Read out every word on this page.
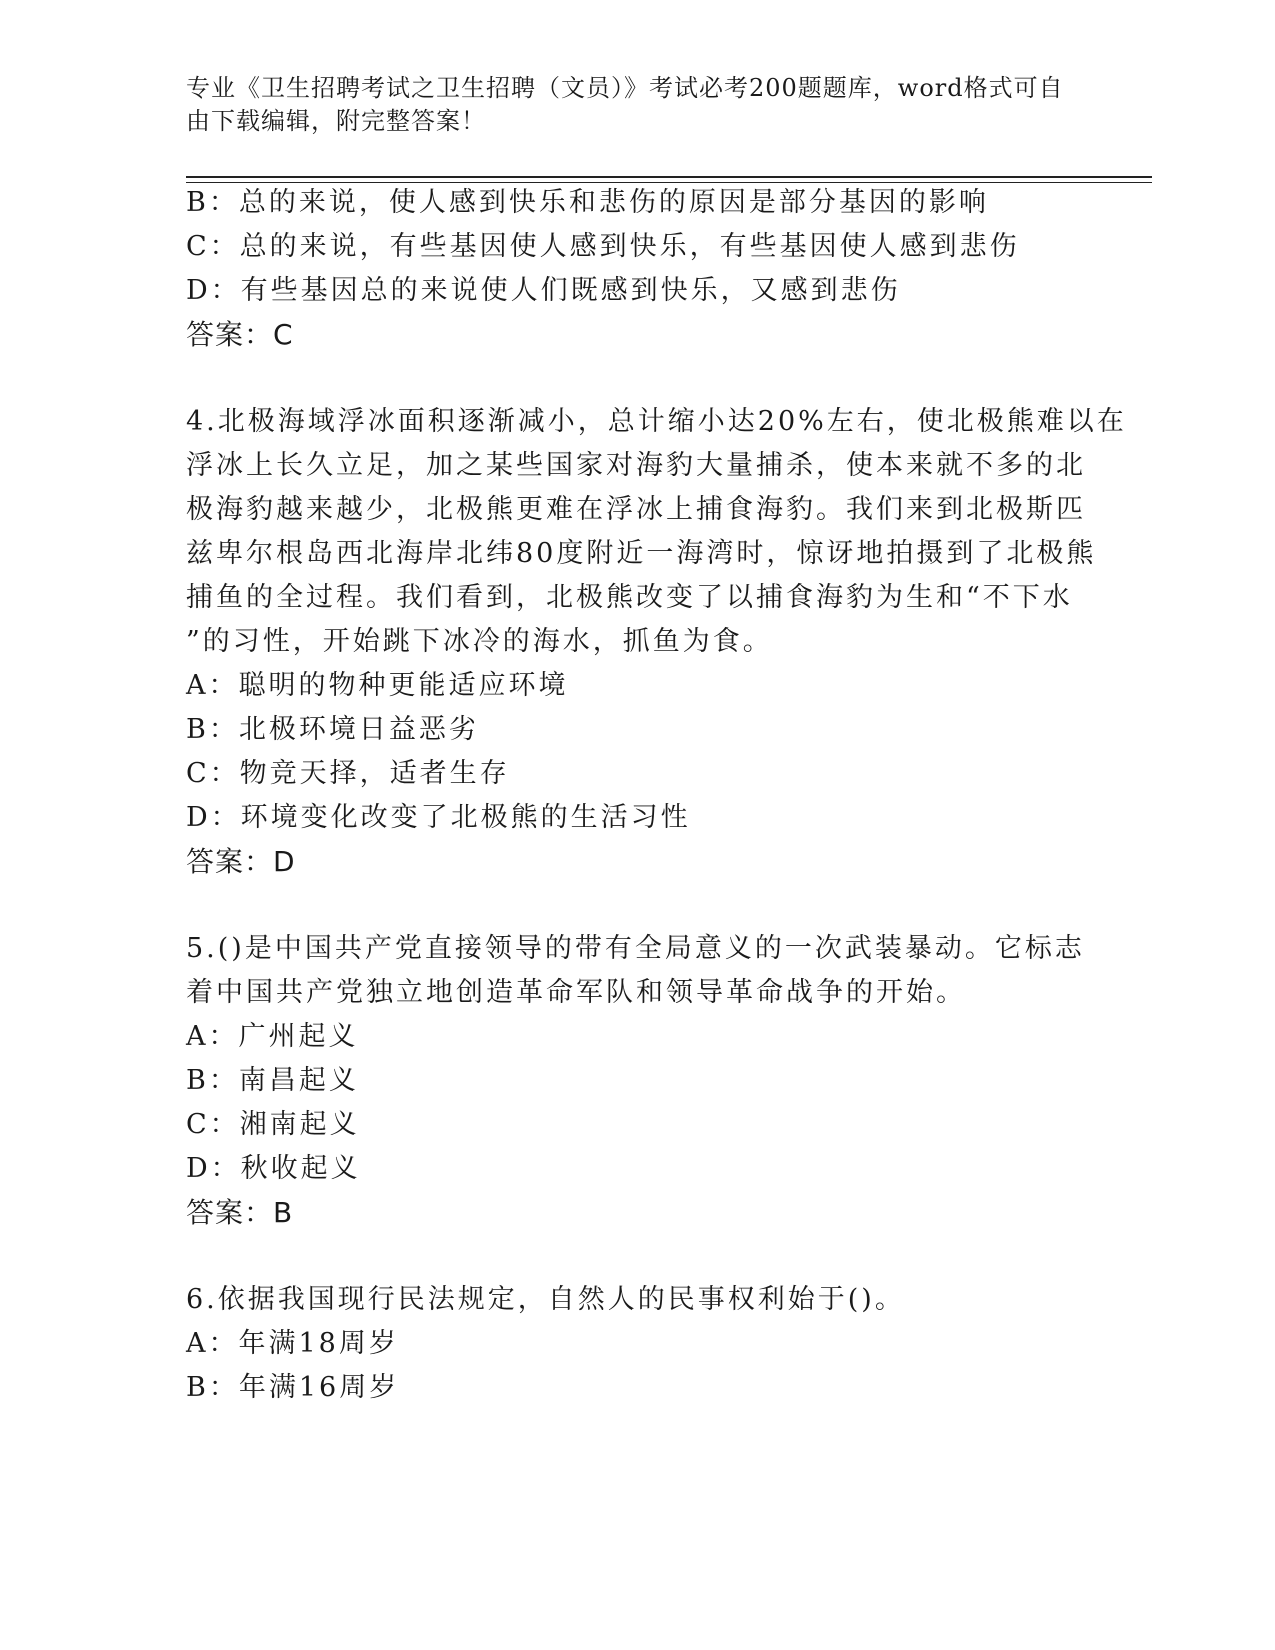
专业《卫生招聘考试之卫生招聘（文员）》考试必考200题题库，word格式可自
由下载编辑，附完整答案！
B：总的来说，使人感到快乐和悲伤的原因是部分基因的影响
C：总的来说，有些基因使人感到快乐，有些基因使人感到悲伤
D：有些基因总的来说使人们既感到快乐，又感到悲伤
答案：C
4.北极海域浮冰面积逐渐减小，总计缩小达20%左右，使北极熊难以在
浮冰上长久立足，加之某些国家对海豹大量捕杀，使本来就不多的北
极海豹越来越少，北极熊更难在浮冰上捕食海豹。我们来到北极斯匹
兹卑尔根岛西北海岸北纬80度附近一海湾时，惊讶地拍摄到了北极熊
捕鱼的全过程。我们看到，北极熊改变了以捕食海豹为生和“不下水
”的习性，开始跳下冰冷的海水，抓鱼为食。
A：聪明的物种更能适应环境
B：北极环境日益恶劣
C：物竞天择，适者生存
D：环境变化改变了北极熊的生活习性
答案：D
5.()是中国共产党直接领导的带有全局意义的一次武装暴动。它标志
着中国共产党独立地创造革命军队和领导革命战争的开始。
A：广州起义
B：南昌起义
C：湘南起义
D：秋收起义
答案：B
6.依据我国现行民法规定，自然人的民事权利始于()。
A：年满18周岁
B：年满16周岁
